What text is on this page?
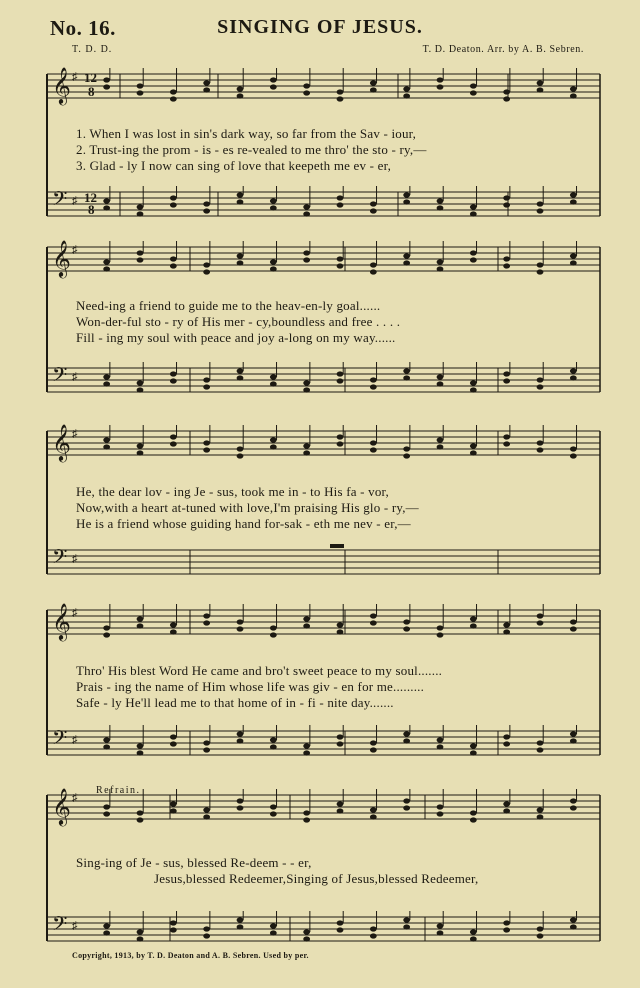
No. 16.	SINGING OF JESUS.
T. D. D.	T. D. Deaton. Arr. by A. B. Sebren.
𝄞
𝄢
♯
♯
𝄞
𝄢
♯
♯
𝄞
𝄢
♯
♯
𝄞
𝄢
♯
♯
𝄞
𝄢
♯
♯
12
8
12
8
1. When I was lost in sin's dark way, so far from the Sav - iour,
2. Trust-ing the prom - is - es re-vealed to me thro' the sto - ry,—
3. Glad - ly I now can sing of love that keepeth me ev - er,
Need-ing a friend to guide me to the heav-en-ly goal......
Won-der-ful sto - ry of His mer - cy,boundless and free . . . .
Fill - ing my soul with peace and joy a-long on my way......
He, the dear lov - ing Je - sus, took me in - to His fa - vor,
Now,with a heart at-tuned with love,I'm praising His glo - ry,—
He is a friend whose guiding hand for-sak - eth me nev - er,—
Thro' His blest Word He came and bro't sweet peace to my soul.......
Prais - ing the name of Him whose life was giv - en for me.........
Safe - ly He'll lead me to that home of in - fi - nite day.......
Refrain.
Sing-ing of Je - sus, blessed Re-deem - - er,
Jesus,blessed Redeemer,Singing of Jesus,blessed Redeemer,
Copyright, 1913, by T. D. Deaton and A. B. Sebren. Used by per.
